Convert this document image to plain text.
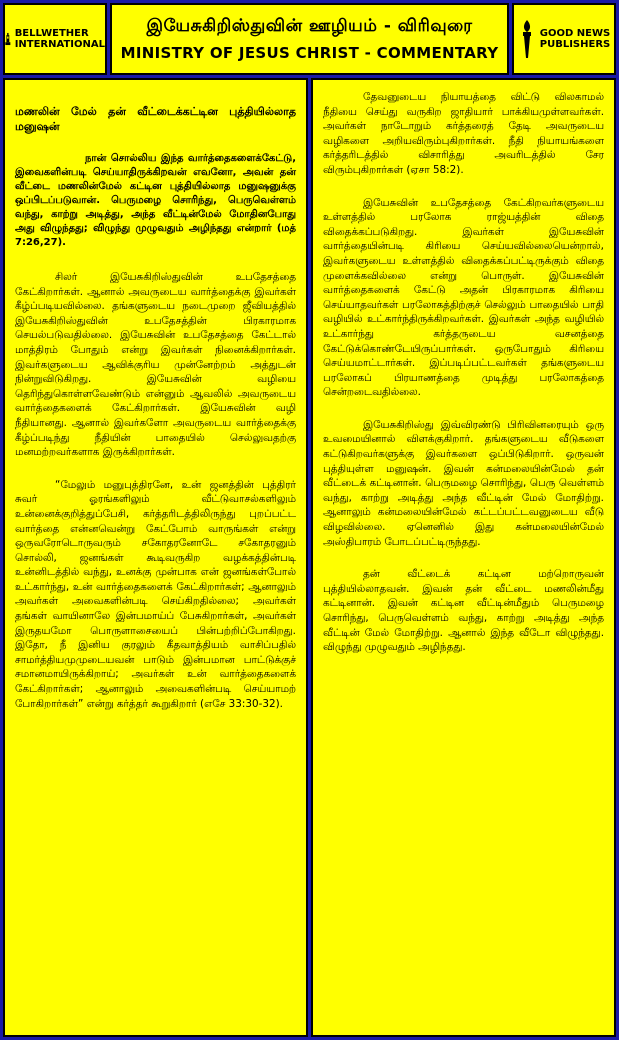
BELLWETHER
INTERNATIONAL
இயேசுகிறிஸ்துவின் ஊழியம் - விரிவுரை
MINISTRY OF JESUS CHRIST - COMMENTARY
GOOD NEWS
PUBLISHERS
மணலின் மேல் தன் வீட்டைக்கட்டின புத்தியில்லாத மனுஷன்
நான் சொல்லிய இந்த வார்த்தைகளைக்கேட்டு, இவைகளின்படி செய்யாதிருக்கிறவன் எவனோ, அவன் தன் வீட்டை மணலின்மேல் கட்டின புத்தியில்லாத மனுஷனுக்கு ஒப்பிடப்படுவான். பெருமழை சொரிந்து, பெருவெள்ளம் வந்து, காற்று அடித்து, அந்த வீட்டின்மேல் மோதினபோது அது விழுந்தது; விழுந்து முழுவதும் அழிந்தது என்றார் (மத் 7:26,27).

சிலர் இயேசுகிறிஸ்துவின் உபதேசத்தை கேட்கிறார்கள். ஆனால் அவருடைய வார்த்தைக்கு இவர்கள் கீழ்ப்படியவில்லை. தங்களுடைய நடைமுறை ஜீவியத்தில் இயேசுகிறிஸ்துவின் உபதேசத்தின் பிரகாரமாக செயல்படுவதில்லை. இயேசுவின் உபதேசத்தை கேட்டால் மாத்திரம் போதும் என்று இவர்கள் நினைக்கிறார்கள். இவர்களுடைய ஆவிக்குரிய முன்னேற்றம் அத்துடன் நின்றுவிடுகிறது. இயேசுவின் வழியை தெரிந்துகொள்ளவேண்டும் என்னும் ஆவலில் அவருடைய வார்த்தைகளைக் கேட்கிறார்கள். இயேசுவின் வழி நீதியானது. ஆனால் இவர்களோ அவருடைய வார்த்தைக்கு கீழ்ப்படிந்து நீதியின் பாதையில் செல்லுவதற்கு மனமற்றவர்களாக இருக்கிறார்கள்.

“மேலும் மனுபுத்திரனே, உன் ஜனத்தின் புத்திரர் சுவர் ஓரங்களிலும் வீட்டுவாசல்களிலும் உன்னைக்குறித்துப்பேசி, கர்த்தரிடத்திலிருந்து புறப்பட்ட வார்த்தை என்னவென்று கேட்போம் வாருங்கள் என்று ஒருவரோடொருவரும் சகோதரனோடே சகோதரனும் சொல்லி, ஜனங்கள் கூடிவருகிற வழக்கத்தின்படி உன்னிடத்தில் வந்து, உனக்கு முன்பாக என் ஜனங்கள்போல் உட்கார்ந்து, உன் வார்த்தைகளைக் கேட்கிறார்கள்; ஆனாலும் அவர்கள் அவைகளின்படி செய்கிறதில்லை; அவர்கள் தங்கள் வாயினாலே இன்பமாய்ப் பேசுகிறார்கள், அவர்கள் இருதயமோ பொருளாசையைப் பின்பற்றிப்போகிறது. இதோ, நீ இனிய குரலும் கீதவாத்தியம் வாசிப்பதில் சாமர்த்தியமுமுடையவன் பாடும் இன்பமான பாட்டுக்குச் சமானமாயிருக்கிறாய்; அவர்கள் உன் வார்த்தைகளைக் கேட்கிறார்கள்; ஆனாலும் அவைகளின்படி செய்யாமற் போகிறார்கள்” என்று கர்த்தர் கூறுகிறார் (எசே 33:30-32).

தேவனுடைய நியாயத்தை விட்டு விலகாமல் நீதியை செய்து வருகிற ஜாதியார் பாக்கியமுள்ளவர்கள். அவர்கள் நாடோறும் கர்த்தரைத் தேடி அவருடைய வழிகளை அறியவிரும்புகிறார்கள். நீதி நியாயங்களை கர்த்தரிடத்தில் விசாரித்து அவரிடத்தில் சேர விரும்புகிறார்கள் (ஏசா 58:2).

இயேசுவின் உபதேசத்தை கேட்கிறவர்களுடைய உள்ளத்தில் பரலோக ராஜ்யத்தின் விதை விதைக்கப்படுகிறது. இவர்கள் இயேசுவின் வார்த்தையின்படி கிரியை செய்யவில்லையென்றால், இவர்களுடைய உள்ளத்தில் விதைக்கப்பட்டிருக்கும் விதை முளைக்கவில்லை என்று பொருள். இயேசுவின் வார்த்தைகளைக் கேட்டு அதன் பிரகாரமாக கிரியை செய்யாதவர்கள் பரலோகத்திற்குச் செல்லும் பாதையில் பாதி வழியில் உட்கார்ந்திருக்கிறவர்கள். இவர்கள் அந்த வழியில் உட்கார்ந்து கர்த்தருடைய வசனத்தை கேட்டுக்கொண்டேயிருப்பார்கள். ஒருபோதும் கிரியை செய்யமாட்டார்கள். இப்படிப்பட்டவர்கள் தங்களுடைய பரலோகப் பிரயாணத்தை முடித்து பரலோகத்தை சென்றடைவதில்லை.

இயேசுகிறிஸ்து இவ்விரண்டு பிரிவினரையும் ஒரு உவமையினால் விளக்குகிறார். தங்களுடைய வீடுகளை கட்டுகிறவர்களுக்கு இவர்களை ஒப்பிடுகிறார். ஒருவன் புத்தியுள்ள மனுஷன். இவன் கன்மலையின்மேல் தன் வீட்டைக் கட்டினான். பெருமழை சொரிந்து, பெரு வெள்ளம் வந்து, காற்று அடித்து அந்த வீட்டின் மேல் மோதிற்று. ஆனாலும் கன்மலையின்மேல் கட்டப்பட்டவனுடைய வீடு விழவில்லை. ஏனெனில் இது கன்மலையின்மேல் அஸ்திபாரம் போடப்பட்டிருந்தது.

தன் வீட்டைக் கட்டின மற்றொருவன் புத்தியில்லாதவன். இவன் தன் வீட்டை மணலின்மீது கட்டினான். இவன் கட்டின வீட்டின்மீதும் பெருமழை சொரிந்து, பெருவெள்ளம் வந்து, காற்று அடித்து அந்த வீட்டின் மேல் மோதிற்று. ஆனால் இந்த வீடோ விழுந்தது. விழுந்து முழுவதும் அழிந்தது.
